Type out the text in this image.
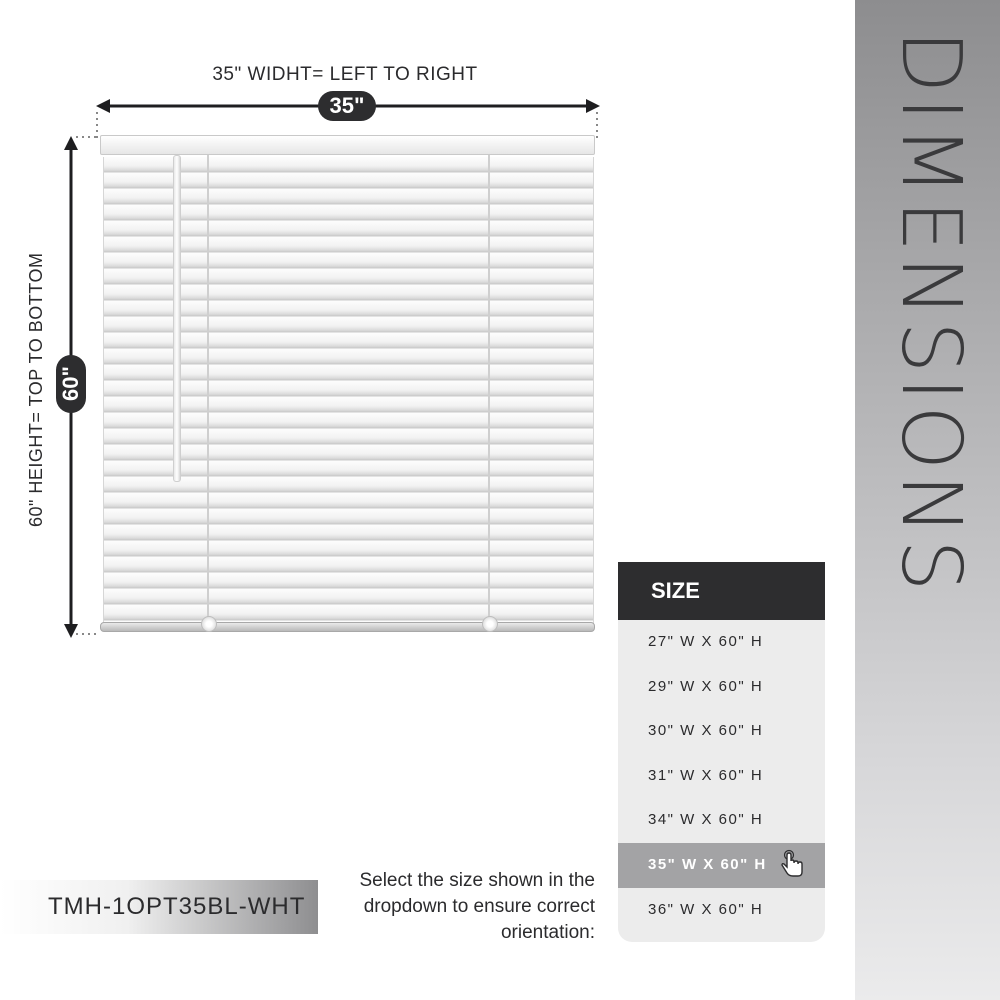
DIMENSIONS
35" WIDHT= LEFT TO RIGHT
35"
60"
60" HEIGHT= TOP TO BOTTOM
SIZE
27" W X 60" H
29" W X 60" H
30" W X 60" H
31" W X 60" H
34" W X 60" H
35" W X 60" H
36" W X 60" H
Select the size shown in the dropdown to ensure correct orientation:
TMH-1OPT35BL-WHT
